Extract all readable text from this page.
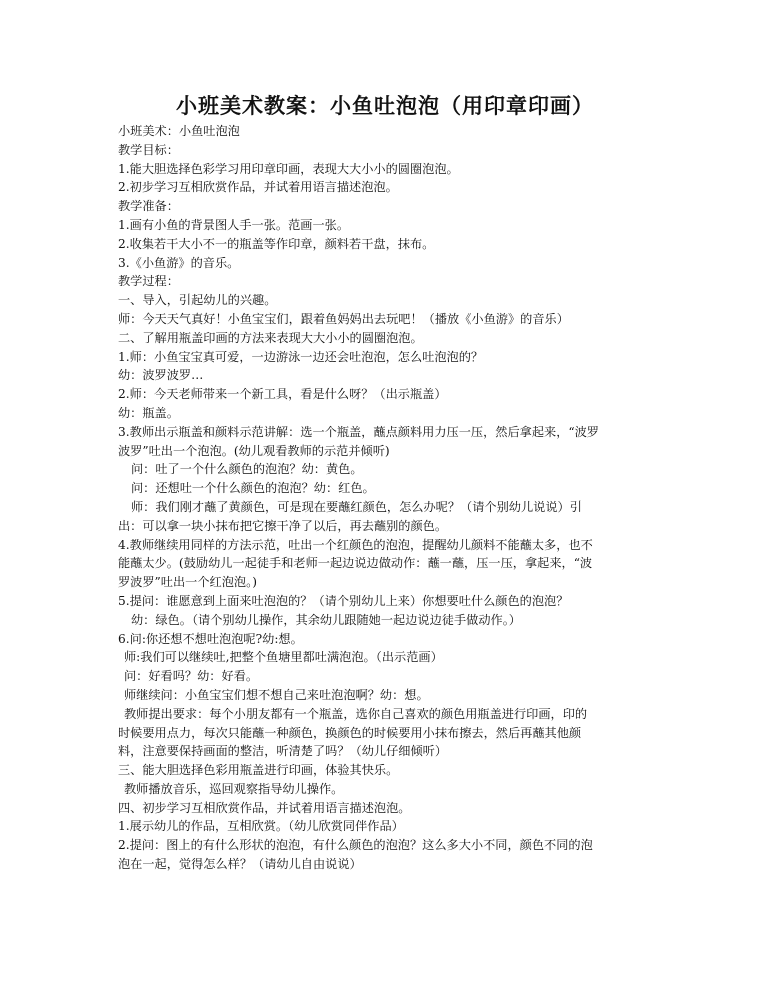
小班美术教案：小鱼吐泡泡（用印章印画）
小班美术：小鱼吐泡泡
教学目标：
1.能大胆选择色彩学习用印章印画，表现大大小小的圆圈泡泡。
2.初步学习互相欣赏作品，并试着用语言描述泡泡。
教学准备：
1.画有小鱼的背景图人手一张。范画一张。
2.收集若干大小不一的瓶盖等作印章，颜料若干盘，抹布。
3.《小鱼游》的音乐。
教学过程：
一、导入，引起幼儿的兴趣。
师：今天天气真好！小鱼宝宝们，跟着鱼妈妈出去玩吧！（播放《小鱼游》的音乐）
二、了解用瓶盖印画的方法来表现大大小小的圆圈泡泡。
1.师：小鱼宝宝真可爱，一边游泳一边还会吐泡泡，怎么吐泡泡的？
幼：波罗波罗…
2.师：今天老师带来一个新工具，看是什么呀？（出示瓶盖）
幼：瓶盖。
3.教师出示瓶盖和颜料示范讲解：选一个瓶盖，蘸点颜料用力压一压，然后拿起来，“波罗
波罗”吐出一个泡泡。(幼儿观看教师的示范并倾听)
问：吐了一个什么颜色的泡泡？幼：黄色。
问：还想吐一个什么颜色的泡泡？幼：红色。
师：我们刚才蘸了黄颜色，可是现在要蘸红颜色，怎么办呢？（请个别幼儿说说）引
出：可以拿一块小抹布把它擦干净了以后，再去蘸别的颜色。
4.教师继续用同样的方法示范，吐出一个红颜色的泡泡，提醒幼儿颜料不能蘸太多，也不
能蘸太少。(鼓励幼儿一起徒手和老师一起边说边做动作：蘸一蘸，压一压，拿起来，“波
罗波罗”吐出一个红泡泡。)
5.提问：谁愿意到上面来吐泡泡的？（请个别幼儿上来）你想要吐什么颜色的泡泡？
幼：绿色。（请个别幼儿操作，其余幼儿跟随她一起边说边徒手做动作。）
6.问:你还想不想吐泡泡呢?幼:想。
师:我们可以继续吐,把整个鱼塘里都吐满泡泡。（出示范画）
问：好看吗？幼：好看。
师继续问：小鱼宝宝们想不想自己来吐泡泡啊？幼：想。
教师提出要求：每个小朋友都有一个瓶盖，选你自己喜欢的颜色用瓶盖进行印画，印的
时候要用点力，每次只能蘸一种颜色，换颜色的时候要用小抹布擦去，然后再蘸其他颜
料，注意要保持画面的整洁，听清楚了吗？（幼儿仔细倾听）
三、能大胆选择色彩用瓶盖进行印画，体验其快乐。
教师播放音乐，巡回观察指导幼儿操作。
四、初步学习互相欣赏作品，并试着用语言描述泡泡。
1.展示幼儿的作品，互相欣赏。（幼儿欣赏同伴作品）
2.提问：图上的有什么形状的泡泡，有什么颜色的泡泡？这么多大小不同，颜色不同的泡
泡在一起，觉得怎么样？（请幼儿自由说说）
